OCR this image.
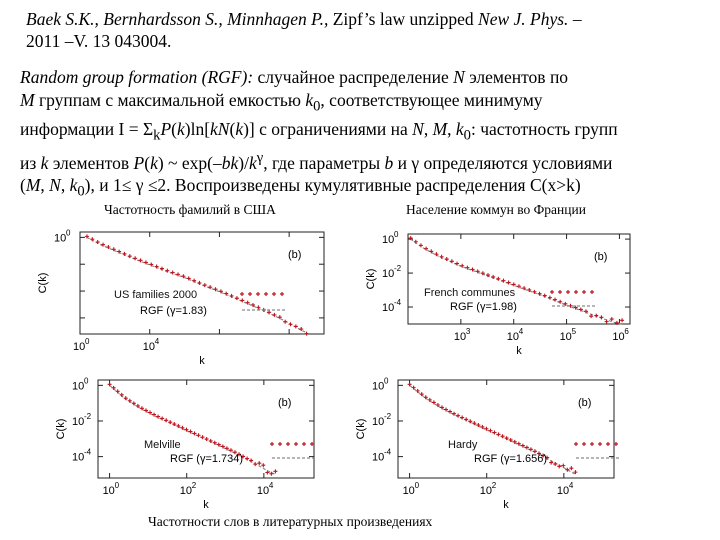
Baek S.K., Bernhardsson S., Minnhagen P., Zipf’s law unzipped New J. Phys. –
2011 –V. 13 043004.
Random group formation (RGF): случайное распределение N элементов по
M группам с максимальной емкостью $k_0$, соответствующее минимуму
информации $I = \Sigma_kP(k)\ln[kN(k)]$ с ограничениями на N, M, $k_0$: частотность групп
из k элементов P(k) ~ $\exp(-bk)/k^\gamma$, где параметры b и γ определяются условиями
(M, N, $k_0$), и 1≤ γ ≤2. Воспроизведены кумулятивные распределения C(x>k)
Частотность фамилий в США	Население коммун во Франции
Частотности слов в литературных произведениях
10 0	10 4
10 0
C(k)
k
(b)
US families 2000
RGF (γ=1.83)
10 3	10 4	10 5	10 6
10 0
10 -2
10 -4
C(k)
k
(b)
French communes
RGF (γ=1.98)
10 0	10 2	10 4
10 0
10 -2
10 -4
C(k)
k
(b)
Melville
RGF (γ=1.734)
10 0	10 2	10 4
10 0
10 -2
10 -4
C(k)
k
(b)
Hardy
RGF (γ=1.656)
